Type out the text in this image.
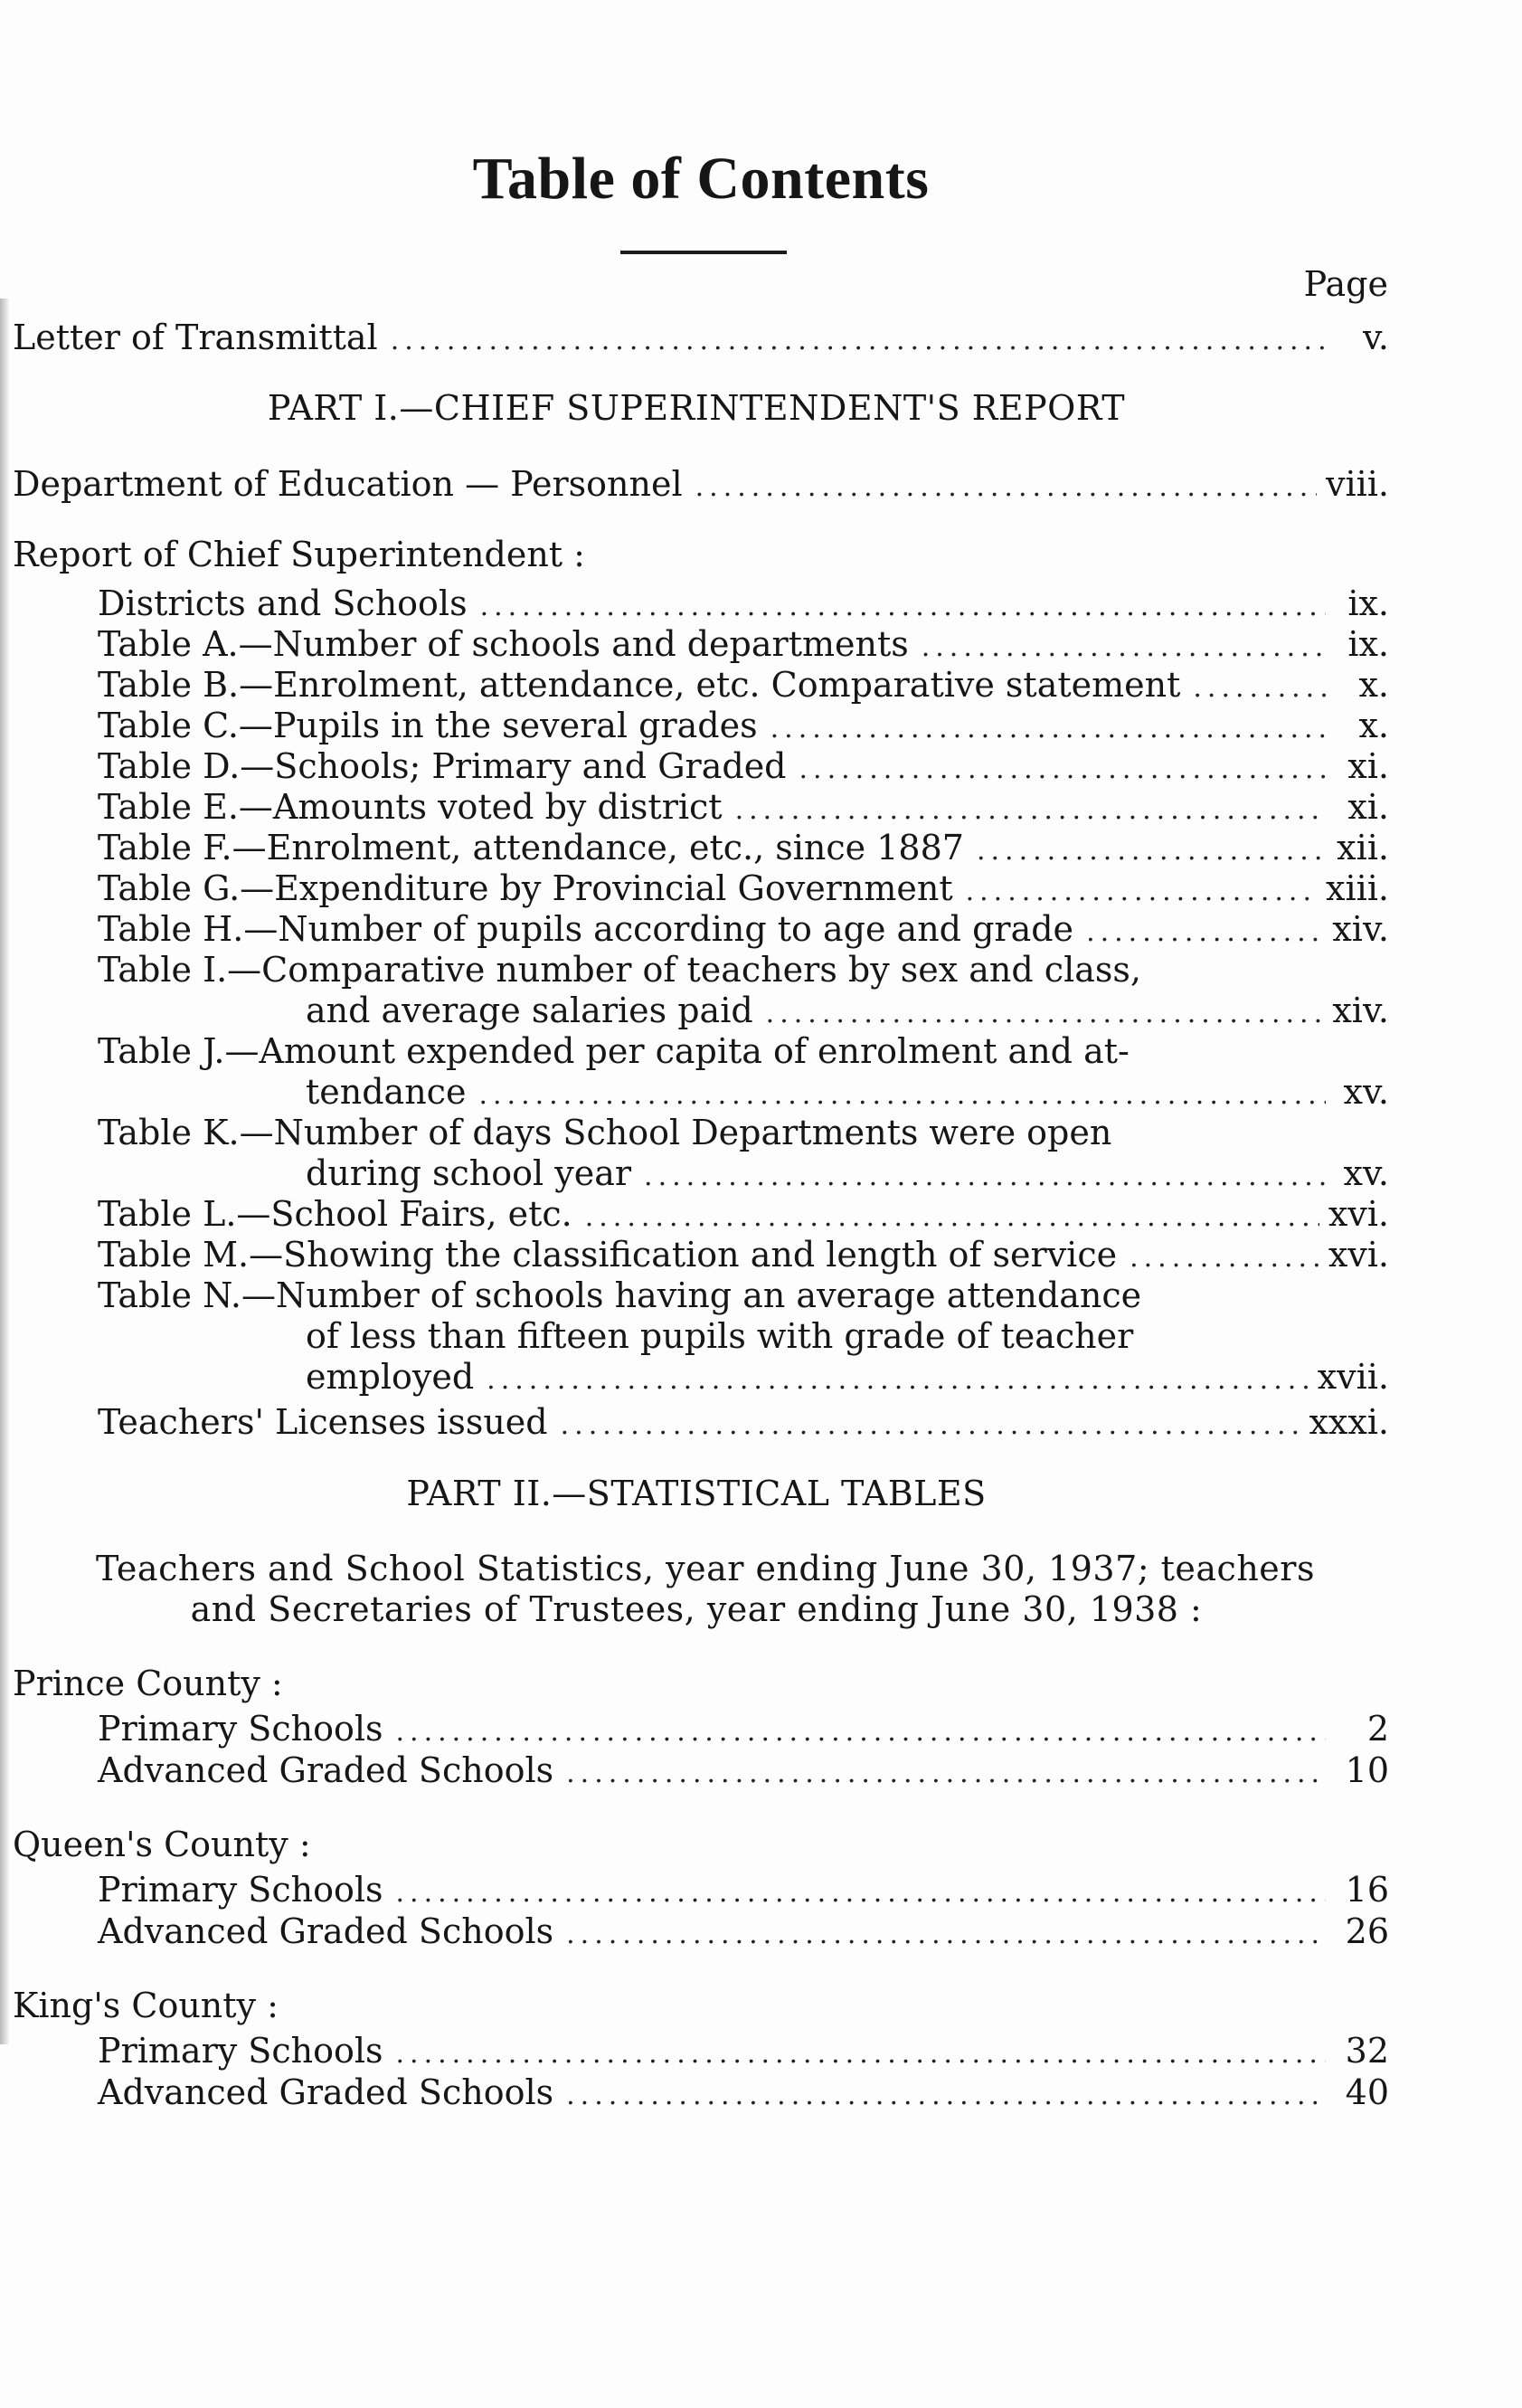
Table of Contents
Page
Letter of Transmittal .....	v.
PART I.—CHIEF SUPERINTENDENT'S REPORT
Department of Education — Personnel .....	viii.
Report of Chief Superintendent :
Districts and Schools .....	ix.
Table A.—Number of schools and departments .....	ix.
Table B.—Enrolment, attendance, etc. Comparative statement .....	x.
Table C.—Pupils in the several grades .....	x.
Table D.—Schools; Primary and Graded .....	xi.
Table E.—Amounts voted by district .....	xi.
Table F.—Enrolment, attendance, etc., since 1887 .....	xii.
Table G.—Expenditure by Provincial Government .....	xiii.
Table H.—Number of pupils according to age and grade .....	xiv.
Table I.—Comparative number of teachers by sex and class,
and average salaries paid .....	xiv.
Table J.—Amount expended per capita of enrolment and at-
tendance .....	xv.
Table K.—Number of days School Departments were open
during school year .....	xv.
Table L.—School Fairs, etc. .....	xvi.
Table M.—Showing the classification and length of service .....	xvi.
Table N.—Number of schools having an average attendance
of less than fifteen pupils with grade of teacher
employed .....	xvii.
Teachers' Licenses issued .....	xxxi.
PART II.—STATISTICAL TABLES
Teachers and School Statistics, year ending June 30, 1937; teachers
and Secretaries of Trustees, year ending June 30, 1938 :
Prince County :
Primary Schools .....	2
Advanced Graded Schools .....	10
Queen's County :
Primary Schools .....	16
Advanced Graded Schools .....	26
King's County :
Primary Schools .....	32
Advanced Graded Schools .....	40
